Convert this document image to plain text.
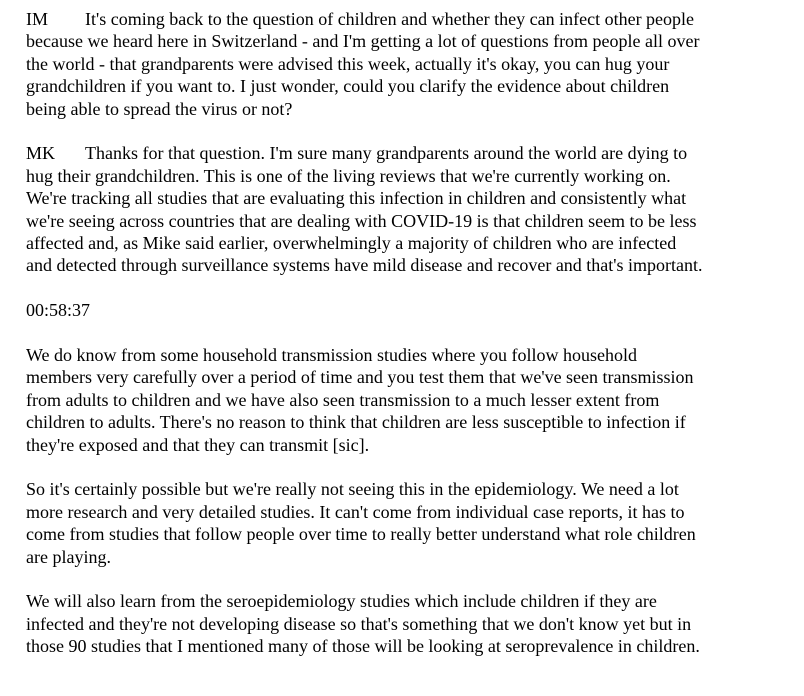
IM It's coming back to the question of children and whether they can infect other people
because we heard here in Switzerland - and I'm getting a lot of questions from people all over
the world - that grandparents were advised this week, actually it's okay, you can hug your
grandchildren if you want to. I just wonder, could you clarify the evidence about children
being able to spread the virus or not?
MK Thanks for that question. I'm sure many grandparents around the world are dying to
hug their grandchildren. This is one of the living reviews that we're currently working on.
We're tracking all studies that are evaluating this infection in children and consistently what
we're seeing across countries that are dealing with COVID-19 is that children seem to be less
affected and, as Mike said earlier, overwhelmingly a majority of children who are infected
and detected through surveillance systems have mild disease and recover and that's important.
00:58:37
We do know from some household transmission studies where you follow household
members very carefully over a period of time and you test them that we've seen transmission
from adults to children and we have also seen transmission to a much lesser extent from
children to adults. There's no reason to think that children are less susceptible to infection if
they're exposed and that they can transmit [sic].
So it's certainly possible but we're really not seeing this in the epidemiology. We need a lot
more research and very detailed studies. It can't come from individual case reports, it has to
come from studies that follow people over time to really better understand what role children
are playing.
We will also learn from the seroepidemiology studies which include children if they are
infected and they're not developing disease so that's something that we don't know yet but in
those 90 studies that I mentioned many of those will be looking at seroprevalence in children.
